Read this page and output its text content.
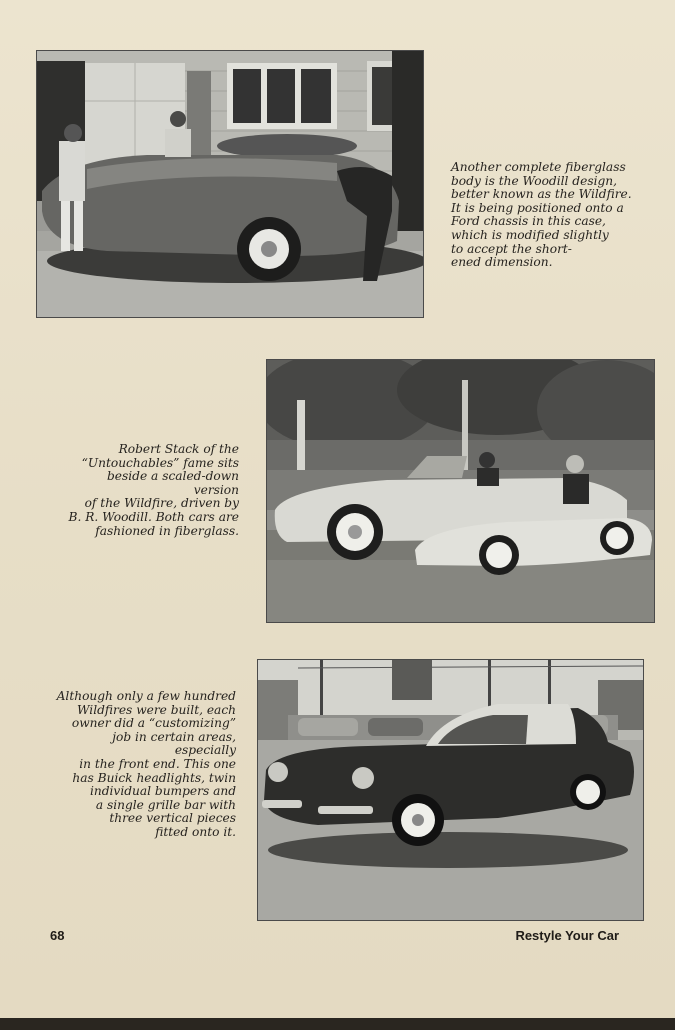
Another complete fiberglass
body is the Woodill design,
better known as the Wildfire.
It is being positioned onto a
Ford chassis in this case,
which is modified slightly
to accept the short-
ened dimension.

Robert Stack of the
“Untouchables” fame sits
beside a scaled-down version
of the Wildfire, driven by
B. R. Woodill. Both cars are
fashioned in fiberglass.

Although only a few hundred
Wildfires were built, each
owner did a “customizing”
job in certain areas, especially
in the front end. This one
has Buick headlights, twin
individual bumpers and
a single grille bar with
three vertical pieces
fitted onto it.

68	Restyle Your Car
